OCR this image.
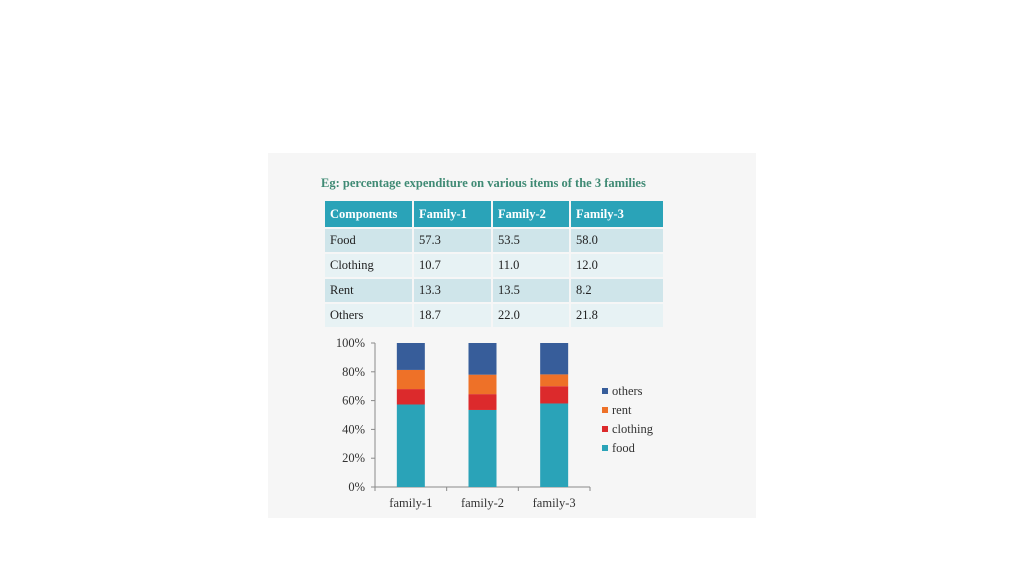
Eg: percentage expenditure on various items of the 3 families
Components	Family-1	Family-2	Family-3
Food	57.3	53.5	58.0
Clothing	10.7	11.0	12.0
Rent	13.3	13.5	8.2
Others	18.7	22.0	21.8
0%
20%
40%
60%
80%
100%
family-1 family-2 family-3
others
rent
clothing
food
